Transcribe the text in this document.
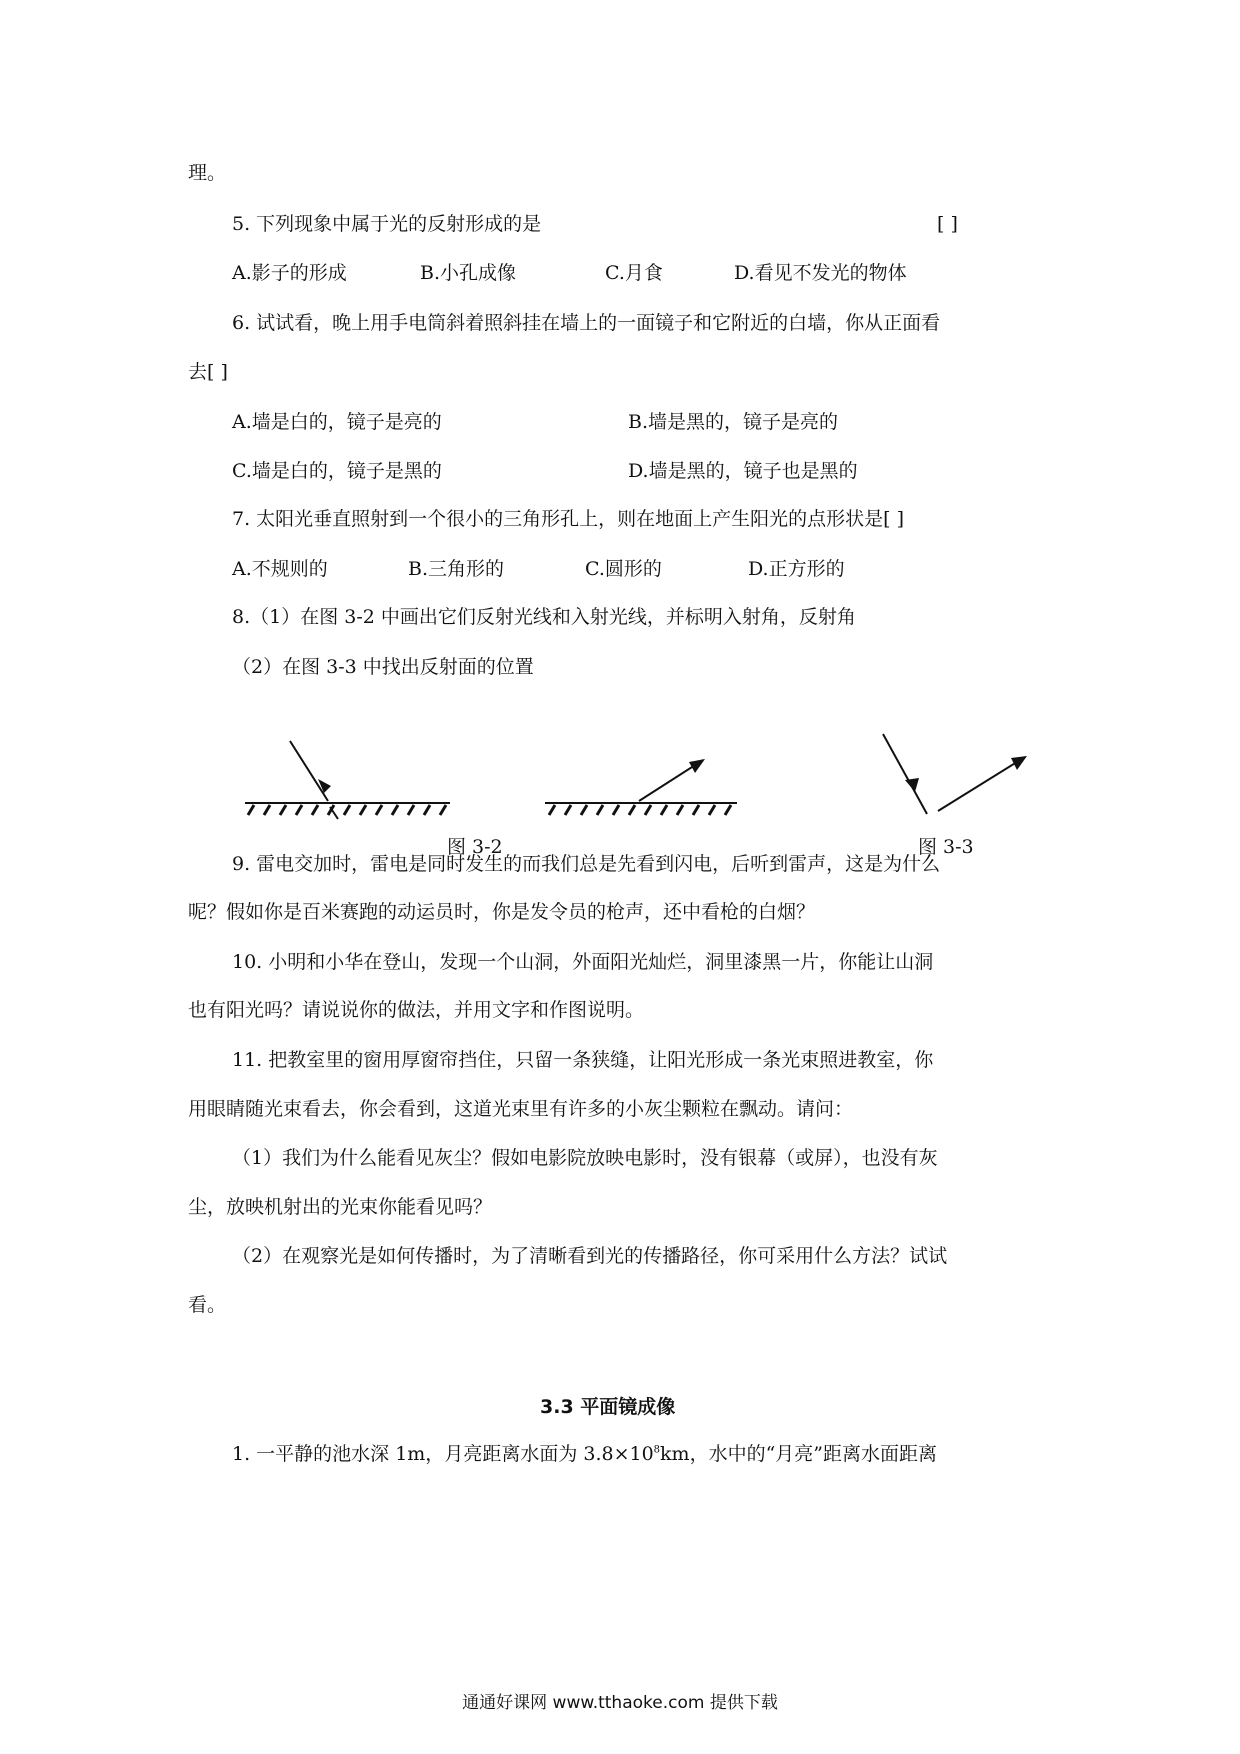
理。
5. 下列现象中属于光的反射形成的是	[ ]
A.影子的形成	B.小孔成像	C.月食	D.看见不发光的物体
6. 试试看，晚上用手电筒斜着照斜挂在墙上的一面镜子和它附近的白墙，你从正面看
去[ ]
A.墙是白的，镜子是亮的	B.墙是黑的，镜子是亮的
C.墙是白的，镜子是黑的	D.墙是黑的，镜子也是黑的
7. 太阳光垂直照射到一个很小的三角形孔上，则在地面上产生阳光的点形状是[ ]
A.不规则的	B.三角形的	C.圆形的	D.正方形的
8.（1）在图 3-2 中画出它们反射光线和入射光线，并标明入射角，反射角
（2）在图 3-3 中找出反射面的位置
图 3-2	图 3-3
9. 雷电交加时，雷电是同时发生的而我们总是先看到闪电，后听到雷声，这是为什么
呢？假如你是百米赛跑的动运员时，你是发令员的枪声，还中看枪的白烟？
10. 小明和小华在登山，发现一个山洞，外面阳光灿烂，洞里漆黑一片，你能让山洞
也有阳光吗？请说说你的做法，并用文字和作图说明。
11. 把教室里的窗用厚窗帘挡住，只留一条狭缝，让阳光形成一条光束照进教室，你
用眼睛随光束看去，你会看到，这道光束里有许多的小灰尘颗粒在飘动。请问：
（1）我们为什么能看见灰尘？假如电影院放映电影时，没有银幕（或屏），也没有灰
尘，放映机射出的光束你能看见吗？
（2）在观察光是如何传播时，为了清晰看到光的传播路径，你可采用什么方法？试试
看。
3.3 平面镜成像
1. 一平静的池水深 1m，月亮距离水面为 $3.8\times 10^8km$，水中的“月亮”距离水面距离
通通好课网 www.tthaoke.com 提供下载
